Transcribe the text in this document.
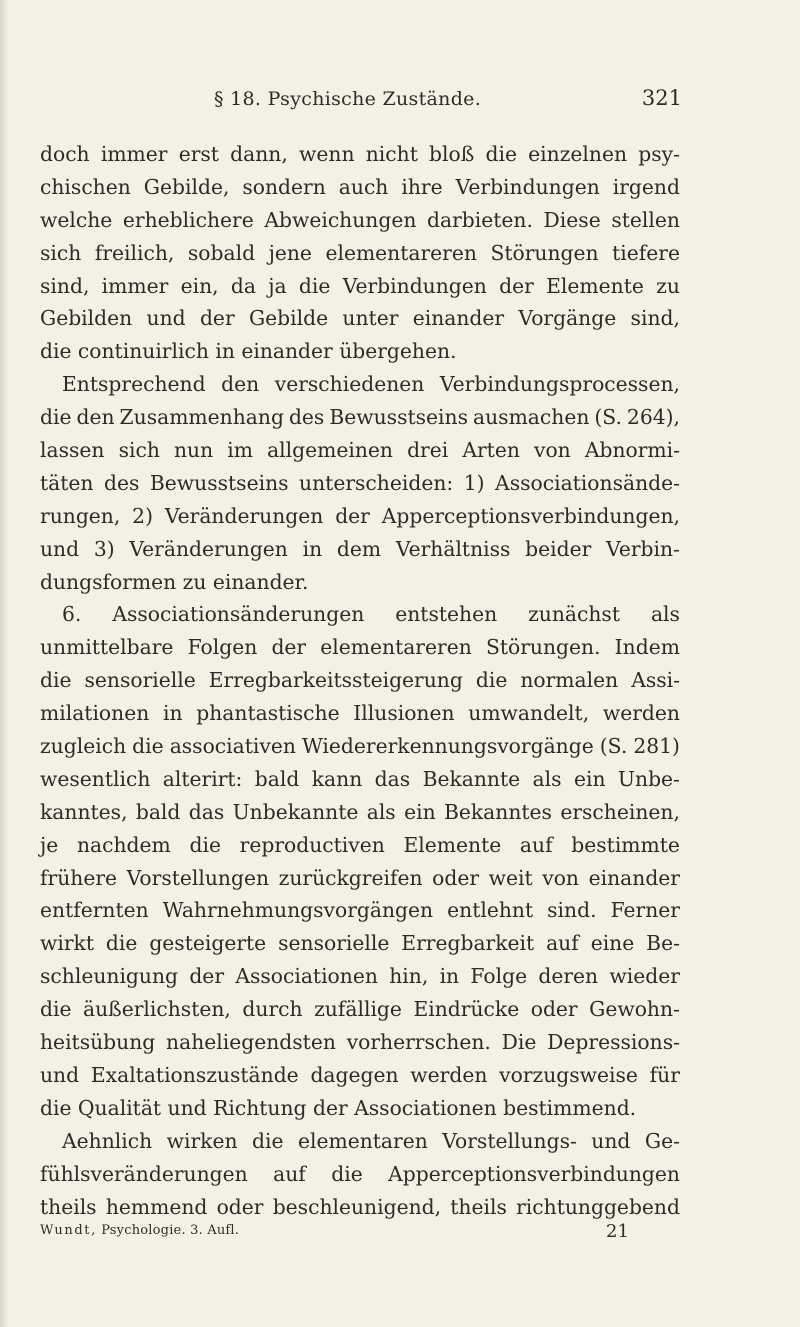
§ 18. Psychische Zustände.	321
doch immer erst dann, wenn nicht bloß die einzelnen psy-
chischen Gebilde, sondern auch ihre Verbindungen irgend
welche erheblichere Abweichungen darbieten. Diese stellen
sich freilich, sobald jene elementareren Störungen tiefere
sind, immer ein, da ja die Verbindungen der Elemente zu
Gebilden und der Gebilde unter einander Vorgänge sind,
die continuirlich in einander übergehen.
Entsprechend den verschiedenen Verbindungsprocessen,
die den Zusammenhang des Bewusstseins ausmachen (S. 264),
lassen sich nun im allgemeinen drei Arten von Abnormi-
täten des Bewusstseins unterscheiden: 1) Associationsände-
rungen, 2) Veränderungen der Apperceptionsverbindungen,
und 3) Veränderungen in dem Verhältniss beider Verbin-
dungsformen zu einander.
6. Associationsänderungen entstehen zunächst als
unmittelbare Folgen der elementareren Störungen. Indem
die sensorielle Erregbarkeitssteigerung die normalen Assi-
milationen in phantastische Illusionen umwandelt, werden
zugleich die associativen Wiedererkennungsvorgänge (S. 281)
wesentlich alterirt: bald kann das Bekannte als ein Unbe-
kanntes, bald das Unbekannte als ein Bekanntes erscheinen,
je nachdem die reproductiven Elemente auf bestimmte
frühere Vorstellungen zurückgreifen oder weit von einander
entfernten Wahrnehmungsvorgängen entlehnt sind. Ferner
wirkt die gesteigerte sensorielle Erregbarkeit auf eine Be-
schleunigung der Associationen hin, in Folge deren wieder
die äußerlichsten, durch zufällige Eindrücke oder Gewohn-
heitsübung naheliegendsten vorherrschen. Die Depressions-
und Exaltationszustände dagegen werden vorzugsweise für
die Qualität und Richtung der Associationen bestimmend.
Aehnlich wirken die elementaren Vorstellungs- und Ge-
fühlsveränderungen auf die Apperceptionsverbindungen
theils hemmend oder beschleunigend, theils richtunggebend
Wundt, Psychologie. 3. Aufl.	21
